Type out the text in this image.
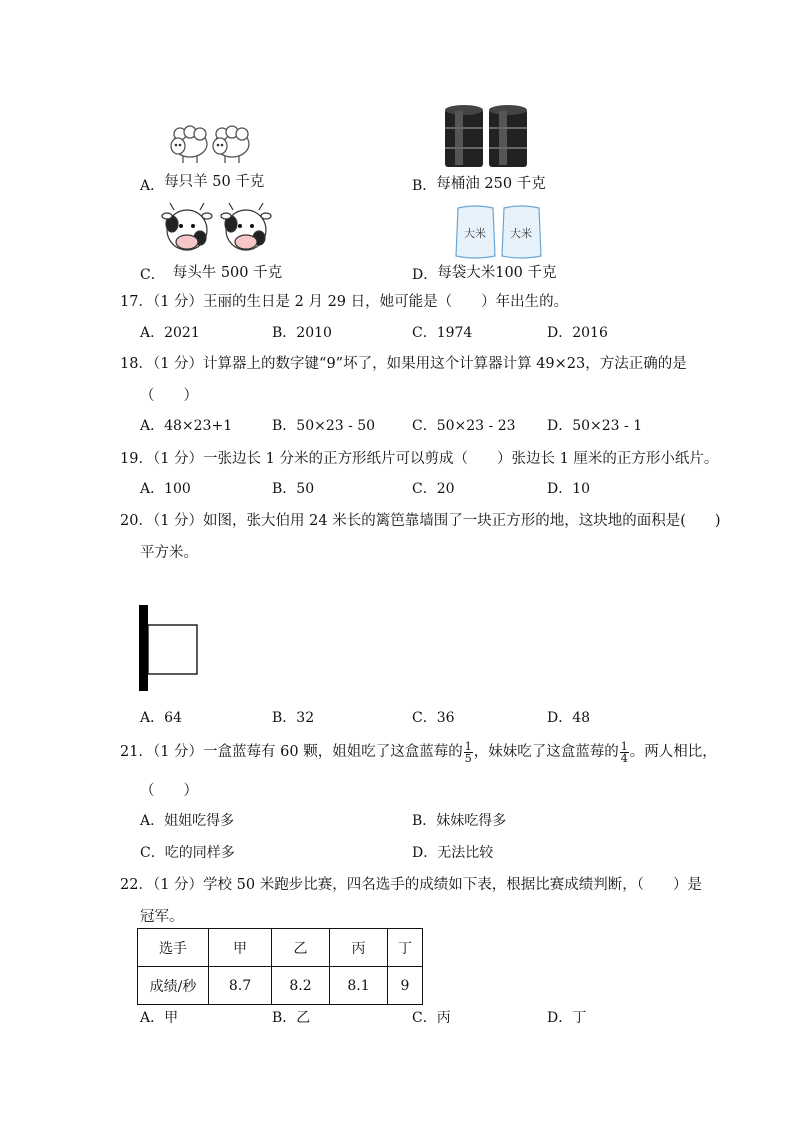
A．每只羊 50 千克	B．每桶油 250 千克
C． 每头牛 500 千克
大米 大米
D．每袋大米100 千克
17．（1 分）王丽的生日是 2 月 29 日，她可能是（　　）年出生的。
A．2021	B．2010	C．1974	D．2016
18．（1 分）计算器上的数字键“9”坏了，如果用这个计算器计算 49×23，方法正确的是
（　　）
A．48×23+1	B．50×23 - 50	C．50×23 - 23 D．50×23 - 1
19．（1 分）一张边长 1 分米的正方形纸片可以剪成（　　）张边长 1 厘米的正方形小纸片。
A．100	B．50	C．20	D．10
20．（1 分）如图，张大伯用 24 米长的篱笆靠墙围了一块正方形的地，这块地的面积是(　　)
平方米。
A．64	B．32	C．36	D．48
21．（1 分）一盒蓝莓有 60 颗，姐姐吃了这盒蓝莓的 $\frac{1}{5}$ ，妹妹吃了这盒蓝莓的 $\frac{1}{4}$ 。两人相比，
（　　）
A．姐姐吃得多	B．妹妹吃得多
C．吃的同样多	D．无法比较
22．（1 分）学校 50 米跑步比赛，四名选手的成绩如下表，根据比赛成绩判断，（　　）是
冠军。
选手	甲	乙	丙	丁
成绩/秒	8.7	8.2	8.1	9
A．甲	B．乙	C．丙	D．丁
